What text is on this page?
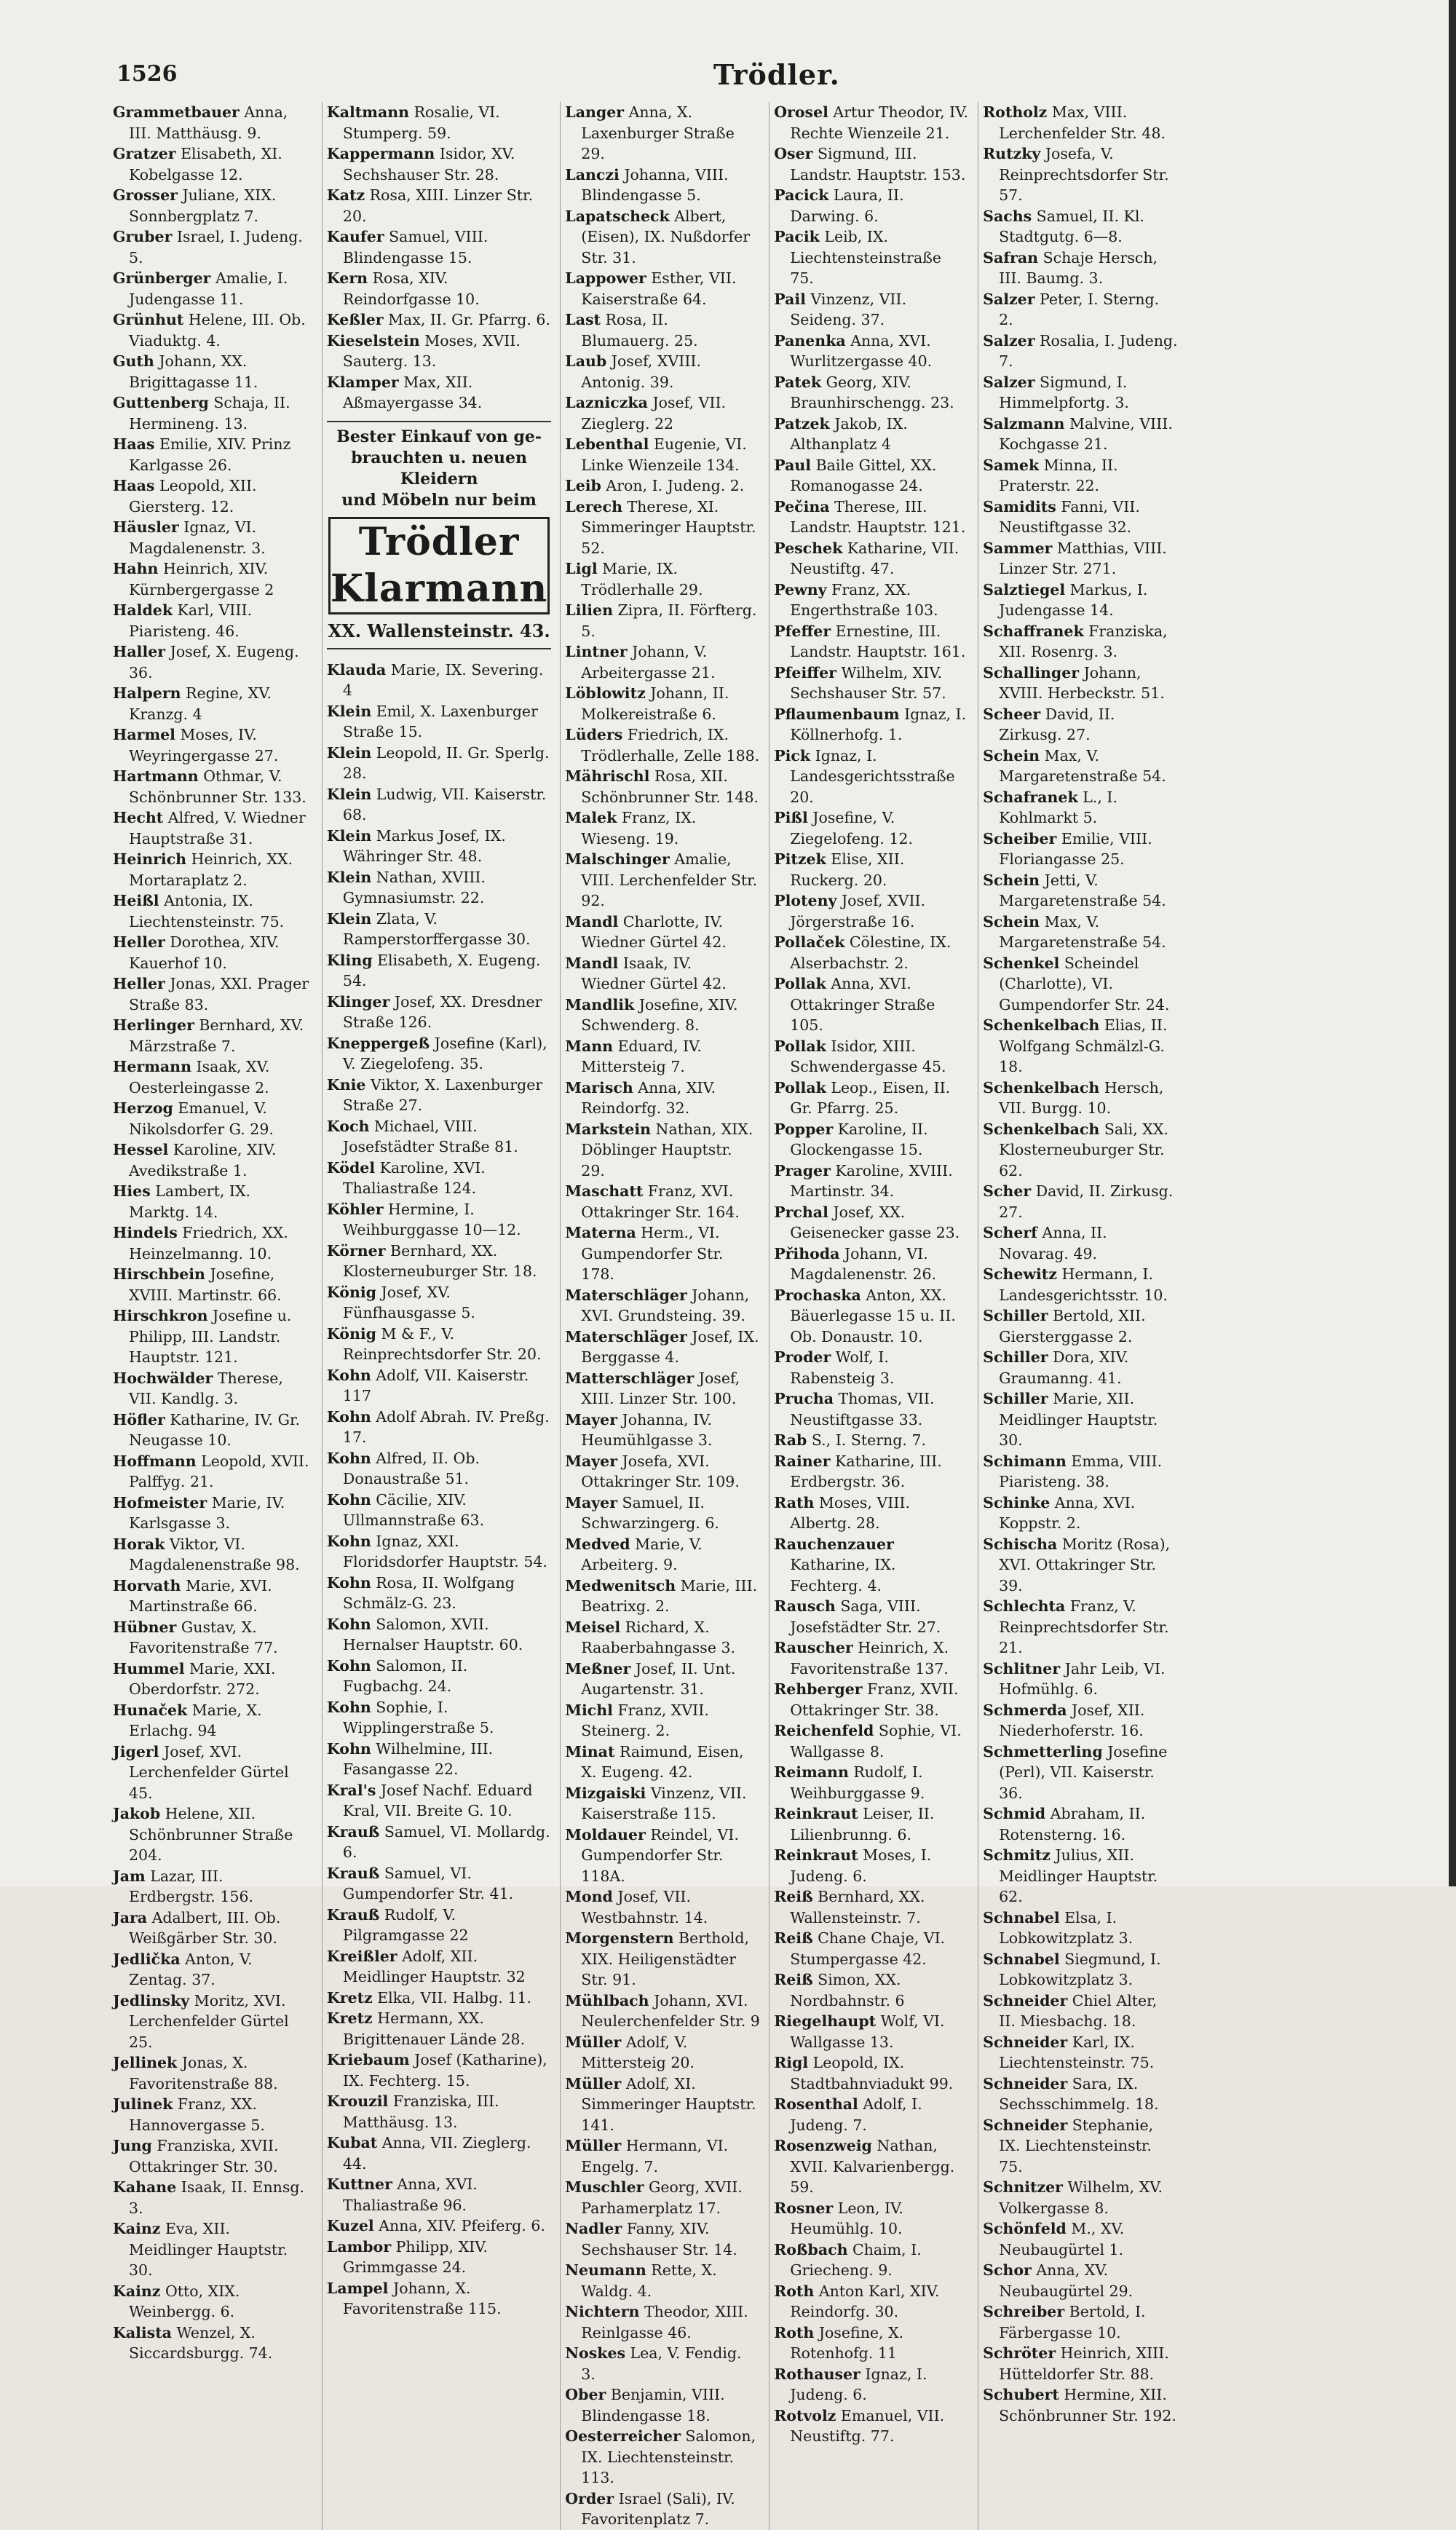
1526	Trödler.

Grammetbauer Anna, III. Matthäusg. 9.

Gratzer Elisabeth, XI. Kobelgasse 12.

Grosser Juliane, XIX. Sonnbergplatz 7.

Gruber Israel, I. Judeng. 5.

Grünberger Amalie, I. Judengasse 11.

Grünhut Helene, III. Ob. Viaduktg. 4.

Guth Johann, XX. Brigittagasse 11.

Guttenberg Schaja, II. Hermineng. 13.

Haas Emilie, XIV. Prinz Karlgasse 26.

Haas Leopold, XII. Giersterg. 12.

Häusler Ignaz, VI. Magdalenenstr. 3.

Hahn Heinrich, XIV. Kürnbergergasse 2

Haldek Karl, VIII. Piaristeng. 46.

Haller Josef, X. Eugeng. 36.

Halpern Regine, XV. Kranzg. 4

Harmel Moses, IV. Weyringergasse 27.

Hartmann Othmar, V. Schönbrunner Str. 133.

Hecht Alfred, V. Wiedner Hauptstraße 31.

Heinrich Heinrich, XX. Mortaraplatz 2.

Heißl Antonia, IX. Liechtensteinstr. 75.

Heller Dorothea, XIV. Kauerhof 10.

Heller Jonas, XXI. Prager Straße 83.

Herlinger Bernhard, XV. Märzstraße 7.

Hermann Isaak, XV. Oesterleingasse 2.

Herzog Emanuel, V. Nikolsdorfer G. 29.

Hessel Karoline, XIV. Avedikstraße 1.

Hies Lambert, IX. Marktg. 14.

Hindels Friedrich, XX. Heinzelmanng. 10.

Hirschbein Josefine, XVIII. Martinstr. 66.

Hirschkron Josefine u. Philipp, III. Landstr. Hauptstr. 121.

Hochwälder Therese, VII. Kandlg. 3.

Höfler Katharine, IV. Gr. Neugasse 10.

Hoffmann Leopold, XVII. Palffyg. 21.

Hofmeister Marie, IV. Karlsgasse 3.

Horak Viktor, VI. Magdalenenstraße 98.

Horvath Marie, XVI. Martinstraße 66.

Hübner Gustav, X. Favoritenstraße 77.

Hummel Marie, XXI. Oberdorfstr. 272.

Hunaček Marie, X. Erlachg. 94

Jigerl Josef, XVI. Lerchenfelder Gürtel 45.

Jakob Helene, XII. Schönbrunner Straße 204.

Jam Lazar, III. Erdbergstr. 156.

Jara Adalbert, III. Ob. Weißgärber Str. 30.

Jedlička Anton, V. Zentag. 37.

Jedlinsky Moritz, XVI. Lerchenfelder Gürtel 25.

Jellinek Jonas, X. Favoritenstraße 88.

Julinek Franz, XX. Hannovergasse 5.

Jung Franziska, XVII. Ottakringer Str. 30.

Kahane Isaak, II. Ennsg. 3.

Kainz Eva, XII. Meidlinger Hauptstr. 30.

Kainz Otto, XIX. Weinbergg. 6.

Kalista Wenzel, X. Siccardsburgg. 74.

Kaltmann Rosalie, VI. Stumperg. 59.

Kappermann Isidor, XV. Sechshauser Str. 28.

Katz Rosa, XIII. Linzer Str. 20.

Kaufer Samuel, VIII. Blindengasse 15.

Kern Rosa, XIV. Reindorfgasse 10.

Keßler Max, II. Gr. Pfarrg. 6.

Kieselstein Moses, XVII. Sauterg. 13.

Klamper Max, XII. Aßmayergasse 34.

Bester Einkauf von ge-
brauchten u. neuen Kleidern
und Möbeln nur beim
Trödler Klarmann
XX. Wallensteinstr. 43.

Klauda Marie, IX. Severing. 4

Klein Emil, X. Laxenburger Straße 15.

Klein Leopold, II. Gr. Sperlg. 28.

Klein Ludwig, VII. Kaiserstr. 68.

Klein Markus Josef, IX. Währinger Str. 48.

Klein Nathan, XVIII. Gymnasiumstr. 22.

Klein Zlata, V. Ramperstorffergasse 30.

Kling Elisabeth, X. Eugeng. 54.

Klinger Josef, XX. Dresdner Straße 126.

Kneppergeß Josefine (Karl), V. Ziegelofeng. 35.

Knie Viktor, X. Laxenburger Straße 27.

Koch Michael, VIII. Josefstädter Straße 81.

Ködel Karoline, XVI. Thaliastraße 124.

Köhler Hermine, I. Weihburggasse 10—12.

Körner Bernhard, XX. Klosterneuburger Str. 18.

König Josef, XV. Fünfhausgasse 5.

König M & F., V. Reinprechtsdorfer Str. 20.

Kohn Adolf, VII. Kaiserstr. 117

Kohn Adolf Abrah. IV. Preßg. 17.

Kohn Alfred, II. Ob. Donaustraße 51.

Kohn Cäcilie, XIV. Ullmannstraße 63.

Kohn Ignaz, XXI. Floridsdorfer Hauptstr. 54.

Kohn Rosa, II. Wolfgang Schmälz-G. 23.

Kohn Salomon, XVII. Hernalser Hauptstr. 60.

Kohn Salomon, II. Fugbachg. 24.

Kohn Sophie, I. Wipplingerstraße 5.

Kohn Wilhelmine, III. Fasangasse 22.

Kral's Josef Nachf. Eduard Kral, VII. Breite G. 10.

Krauß Samuel, VI. Mollardg. 6.

Krauß Samuel, VI. Gumpendorfer Str. 41.

Krauß Rudolf, V. Pilgramgasse 22

Kreißler Adolf, XII. Meidlinger Hauptstr. 32

Kretz Elka, VII. Halbg. 11.

Kretz Hermann, XX. Brigittenauer Lände 28.

Kriebaum Josef (Katharine), IX. Fechterg. 15.

Krouzil Franziska, III. Matthäusg. 13.

Kubat Anna, VII. Zieglerg. 44.

Kuttner Anna, XVI. Thaliastraße 96.

Kuzel Anna, XIV. Pfeiferg. 6.

Lambor Philipp, XIV. Grimmgasse 24.

Lampel Johann, X. Favoritenstraße 115.

Langer Anna, X. Laxenburger Straße 29.

Lanczi Johanna, VIII. Blindengasse 5.

Lapatscheck Albert, (Eisen), IX. Nußdorfer Str. 31.

Lappower Esther, VII. Kaiserstraße 64.

Last Rosa, II. Blumauerg. 25.

Laub Josef, XVIII. Antonig. 39.

Lazniczka Josef, VII. Zieglerg. 22

Lebenthal Eugenie, VI. Linke Wienzeile 134.

Leib Aron, I. Judeng. 2.

Lerech Therese, XI. Simmeringer Hauptstr. 52.

Ligl Marie, IX. Trödlerhalle 29.

Lilien Zipra, II. Förfterg. 5.

Lintner Johann, V. Arbeitergasse 21.

Löblowitz Johann, II. Molkereistraße 6.

Lüders Friedrich, IX. Trödlerhalle, Zelle 188.

Mährischl Rosa, XII. Schönbrunner Str. 148.

Malek Franz, IX. Wieseng. 19.

Malschinger Amalie, VIII. Lerchenfelder Str. 92.

Mandl Charlotte, IV. Wiedner Gürtel 42.

Mandl Isaak, IV. Wiedner Gürtel 42.

Mandlik Josefine, XIV. Schwenderg. 8.

Mann Eduard, IV. Mittersteig 7.

Marisch Anna, XIV. Reindorfg. 32.

Markstein Nathan, XIX. Döblinger Hauptstr. 29.

Maschatt Franz, XVI. Ottakringer Str. 164.

Materna Herm., VI. Gumpendorfer Str. 178.

Materschläger Johann, XVI. Grundsteing. 39.

Materschläger Josef, IX. Berggasse 4.

Matterschläger Josef, XIII. Linzer Str. 100.

Mayer Johanna, IV. Heumühlgasse 3.

Mayer Josefa, XVI. Ottakringer Str. 109.

Mayer Samuel, II. Schwarzingerg. 6.

Medved Marie, V. Arbeiterg. 9.

Medwenitsch Marie, III. Beatrixg. 2.

Meisel Richard, X. Raaberbahngasse 3.

Meßner Josef, II. Unt. Augartenstr. 31.

Michl Franz, XVII. Steinerg. 2.

Minat Raimund, Eisen, X. Eugeng. 42.

Mizgaiski Vinzenz, VII. Kaiserstraße 115.

Moldauer Reindel, VI. Gumpendorfer Str. 118A.

Mond Josef, VII. Westbahnstr. 14.

Morgenstern Berthold, XIX. Heiligenstädter Str. 91.

Mühlbach Johann, XVI. Neulerchenfelder Str. 9

Müller Adolf, V. Mittersteig 20.

Müller Adolf, XI. Simmeringer Hauptstr. 141.

Müller Hermann, VI. Engelg. 7.

Muschler Georg, XVII. Parhamerplatz 17.

Nadler Fanny, XIV. Sechshauser Str. 14.

Neumann Rette, X. Waldg. 4.

Nichtern Theodor, XIII. Reinlgasse 46.

Noskes Lea, V. Fendig. 3.

Ober Benjamin, VIII. Blindengasse 18.

Oesterreicher Salomon, IX. Liechtensteinstr. 113.

Order Israel (Sali), IV. Favoritenplatz 7.

Orosel Artur Theodor, IV. Rechte Wienzeile 21.

Oser Sigmund, III. Landstr. Hauptstr. 153.

Pacick Laura, II. Darwing. 6.

Pacik Leib, IX. Liechtensteinstraße 75.

Pail Vinzenz, VII. Seideng. 37.

Panenka Anna, XVI. Wurlitzergasse 40.

Patek Georg, XIV. Braunhirschengg. 23.

Patzek Jakob, IX. Althanplatz 4

Paul Baile Gittel, XX. Romanogasse 24.

Pečina Therese, III. Landstr. Hauptstr. 121.

Peschek Katharine, VII. Neustiftg. 47.

Pewny Franz, XX. Engerthstraße 103.

Pfeffer Ernestine, III. Landstr. Hauptstr. 161.

Pfeiffer Wilhelm, XIV. Sechshauser Str. 57.

Pflaumenbaum Ignaz, I. Köllnerhofg. 1.

Pick Ignaz, I. Landesgerichtsstraße 20.

Pißl Josefine, V. Ziegelofeng. 12.

Pitzek Elise, XII. Ruckerg. 20.

Ploteny Josef, XVII. Jörgerstraße 16.

Pollaček Cölestine, IX. Alserbachstr. 2.

Pollak Anna, XVI. Ottakringer Straße 105.

Pollak Isidor, XIII. Schwendergasse 45.

Pollak Leop., Eisen, II. Gr. Pfarrg. 25.

Popper Karoline, II. Glockengasse 15.

Prager Karoline, XVIII. Martinstr. 34.

Prchal Josef, XX. Geisenecker gasse 23.

Přihoda Johann, VI. Magdalenenstr. 26.

Prochaska Anton, XX. Bäuerlegasse 15 u. II. Ob. Donaustr. 10.

Proder Wolf, I. Rabensteig 3.

Prucha Thomas, VII. Neustiftgasse 33.

Rab S., I. Sterng. 7.

Rainer Katharine, III. Erdbergstr. 36.

Rath Moses, VIII. Albertg. 28.

Rauchenzauer Katharine, IX. Fechterg. 4.

Rausch Saga, VIII. Josefstädter Str. 27.

Rauscher Heinrich, X. Favoritenstraße 137.

Rehberger Franz, XVII. Ottakringer Str. 38.

Reichenfeld Sophie, VI. Wallgasse 8.

Reimann Rudolf, I. Weihburggasse 9.

Reinkraut Leiser, II. Lilienbrunng. 6.

Reinkraut Moses, I. Judeng. 6.

Reiß Bernhard, XX. Wallensteinstr. 7.

Reiß Chane Chaje, VI. Stumpergasse 42.

Reiß Simon, XX. Nordbahnstr. 6

Riegelhaupt Wolf, VI. Wallgasse 13.

Rigl Leopold, IX. Stadtbahnviadukt 99.

Rosenthal Adolf, I. Judeng. 7.

Rosenzweig Nathan, XVII. Kalvarienbergg. 59.

Rosner Leon, IV. Heumühlg. 10.

Roßbach Chaim, I. Griecheng. 9.

Roth Anton Karl, XIV. Reindorfg. 30.

Roth Josefine, X. Rotenhofg. 11

Rothauser Ignaz, I. Judeng. 6.

Rotvolz Emanuel, VII. Neustiftg. 77.

Rotholz Max, VIII. Lerchenfelder Str. 48.

Rutzky Josefa, V. Reinprechtsdorfer Str. 57.

Sachs Samuel, II. Kl. Stadtgutg. 6—8.

Safran Schaje Hersch, III. Baumg. 3.

Salzer Peter, I. Sterng. 2.

Salzer Rosalia, I. Judeng. 7.

Salzer Sigmund, I. Himmelpfortg. 3.

Salzmann Malvine, VIII. Kochgasse 21.

Samek Minna, II. Praterstr. 22.

Samidits Fanni, VII. Neustiftgasse 32.

Sammer Matthias, VIII. Linzer Str. 271.

Salztiegel Markus, I. Judengasse 14.

Schaffranek Franziska, XII. Rosenrg. 3.

Schallinger Johann, XVIII. Herbeckstr. 51.

Scheer David, II. Zirkusg. 27.

Schein Max, V. Margaretenstraße 54.

Schafranek L., I. Kohlmarkt 5.

Scheiber Emilie, VIII. Floriangasse 25.

Schein Jetti, V. Margaretenstraße 54.

Schein Max, V. Margaretenstraße 54.

Schenkel Scheindel (Charlotte), VI. Gumpendorfer Str. 24.

Schenkelbach Elias, II. Wolfgang Schmälzl-G. 18.

Schenkelbach Hersch, VII. Burgg. 10.

Schenkelbach Sali, XX. Klosterneuburger Str. 62.

Scher David, II. Zirkusg. 27.

Scherf Anna, II. Novarag. 49.

Schewitz Hermann, I. Landesgerichtsstr. 10.

Schiller Bertold, XII. Giersterggasse 2.

Schiller Dora, XIV. Graumanng. 41.

Schiller Marie, XII. Meidlinger Hauptstr. 30.

Schimann Emma, VIII. Piaristeng. 38.

Schinke Anna, XVI. Koppstr. 2.

Schischa Moritz (Rosa), XVI. Ottakringer Str. 39.

Schlechta Franz, V. Reinprechtsdorfer Str. 21.

Schlitner Jahr Leib, VI. Hofmühlg. 6.

Schmerda Josef, XII. Niederhoferstr. 16.

Schmetterling Josefine (Perl), VII. Kaiserstr. 36.

Schmid Abraham, II. Rotensterng. 16.

Schmitz Julius, XII. Meidlinger Hauptstr. 62.

Schnabel Elsa, I. Lobkowitzplatz 3.

Schnabel Siegmund, I. Lobkowitzplatz 3.

Schneider Chiel Alter, II. Miesbachg. 18.

Schneider Karl, IX. Liechtensteinstr. 75.

Schneider Sara, IX. Sechsschimmelg. 18.

Schneider Stephanie, IX. Liechtensteinstr. 75.

Schnitzer Wilhelm, XV. Volkergasse 8.

Schönfeld M., XV. Neubaugürtel 1.

Schor Anna, XV. Neubaugürtel 29.

Schreiber Bertold, I. Färbergasse 10.

Schröter Heinrich, XIII. Hütteldorfer Str. 88.

Schubert Hermine, XII. Schönbrunner Str. 192.
